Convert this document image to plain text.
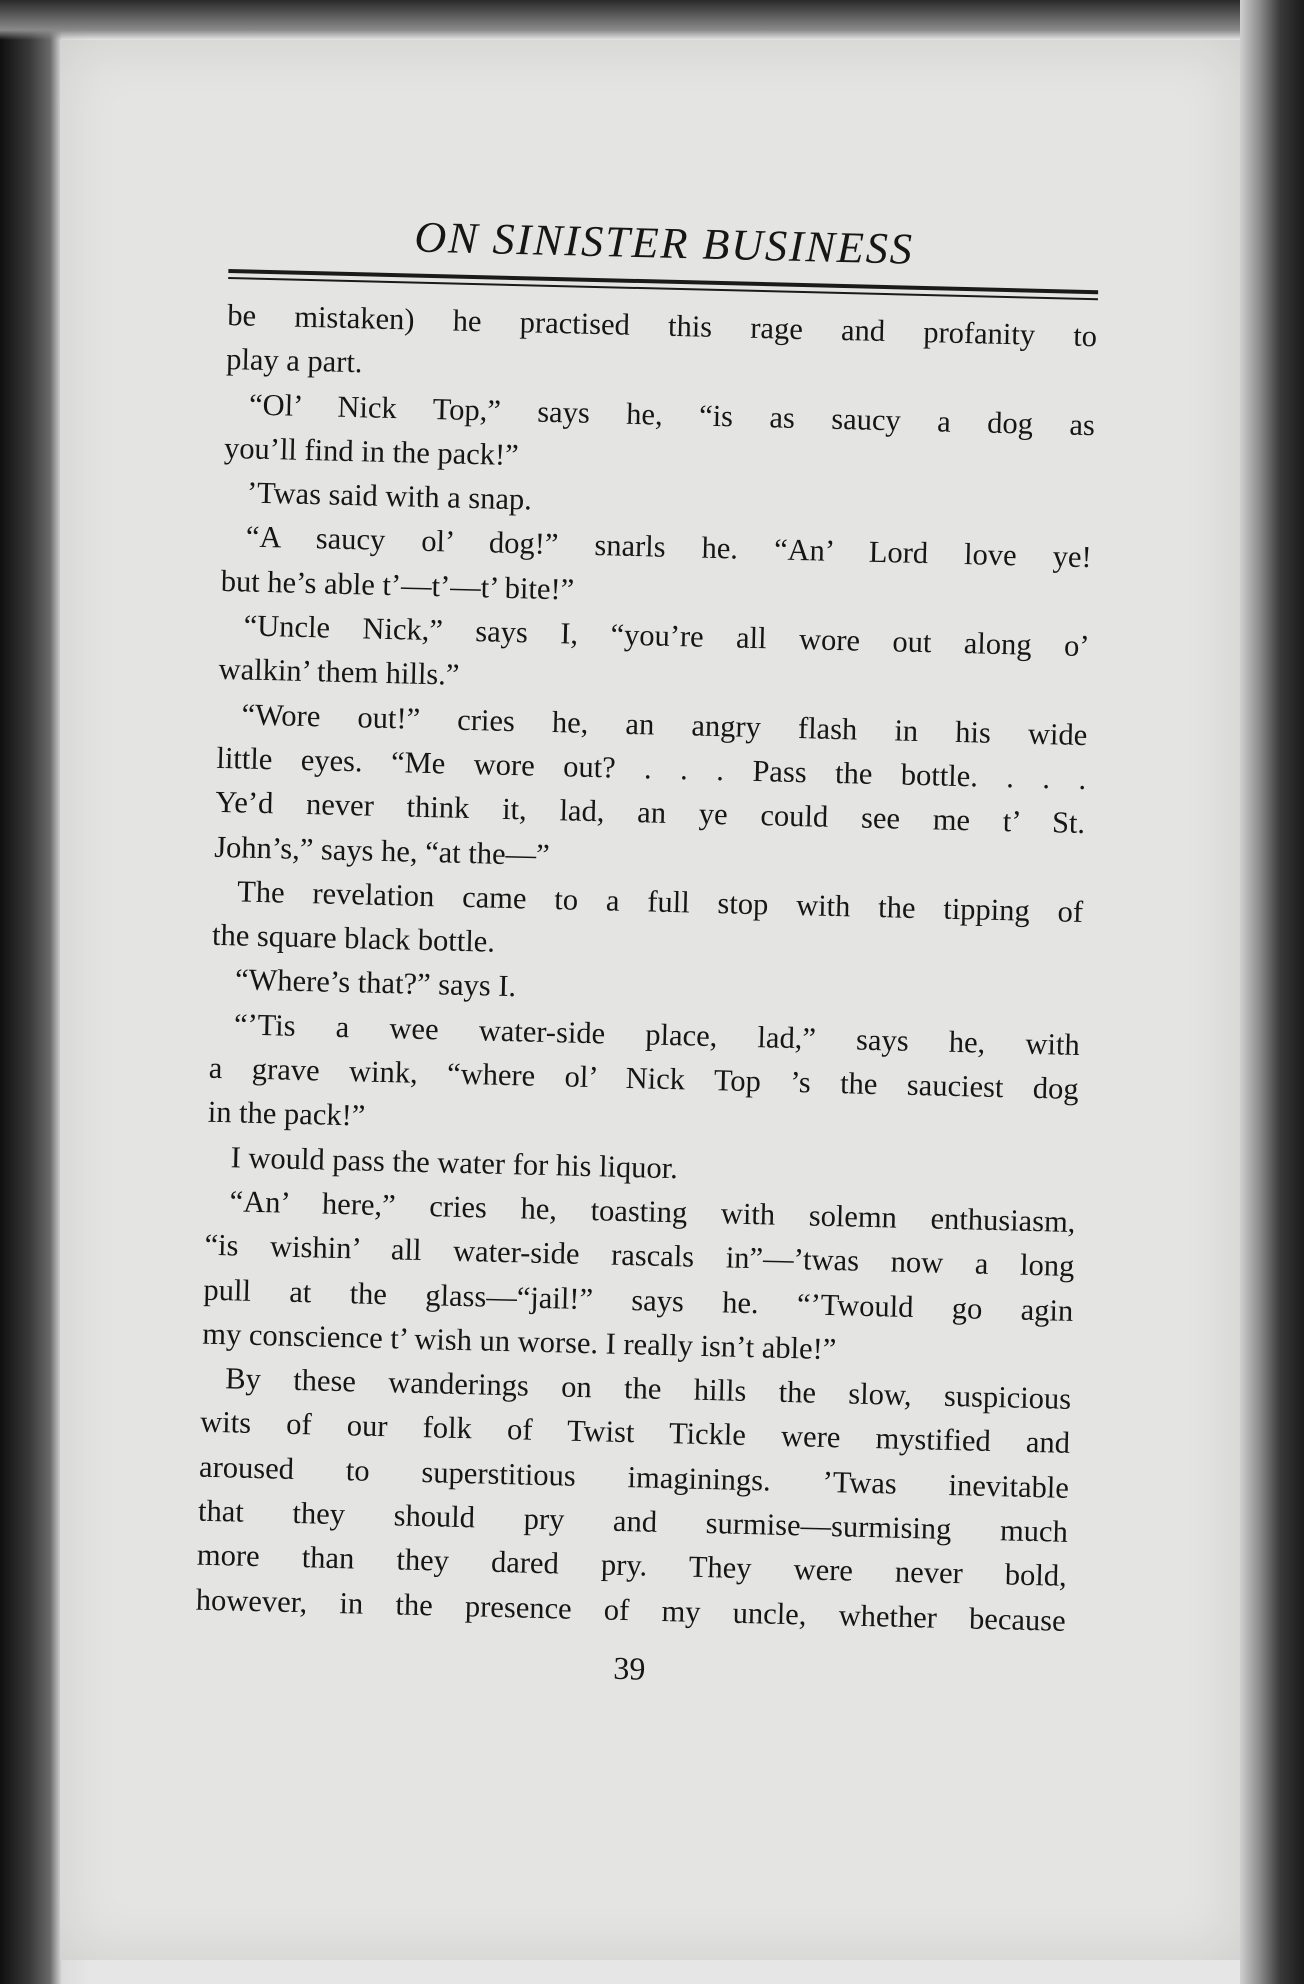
ON SINISTER BUSINESS
be mistaken) he practised this rage and profanity to
play a part.
“Ol’ Nick Top,” says he, “is as saucy a dog as
you’ll find in the pack!”
’Twas said with a snap.
“A saucy ol’ dog!” snarls he. “An’ Lord love ye!
but he’s able t’—t’—t’ bite!”
“Uncle Nick,” says I, “you’re all wore out along o’
walkin’ them hills.”
“Wore out!” cries he, an angry flash in his wide
little eyes. “Me wore out? . . . Pass the bottle. . . .
Ye’d never think it, lad, an ye could see me t’ St.
John’s,” says he, “at the—”
The revelation came to a full stop with the tipping of
the square black bottle.
“Where’s that?” says I.
“’Tis a wee water-side place, lad,” says he, with
a grave wink, “where ol’ Nick Top ’s the sauciest dog
in the pack!”
I would pass the water for his liquor.
“An’ here,” cries he, toasting with solemn enthusiasm,
“is wishin’ all water-side rascals in”—’twas now a long
pull at the glass—“jail!” says he. “’Twould go agin
my conscience t’ wish un worse. I really isn’t able!”
By these wanderings on the hills the slow, suspicious
wits of our folk of Twist Tickle were mystified and
aroused to superstitious imaginings. ’Twas inevitable
that they should pry and surmise—surmising much
more than they dared pry. They were never bold,
however, in the presence of my uncle, whether because
39
